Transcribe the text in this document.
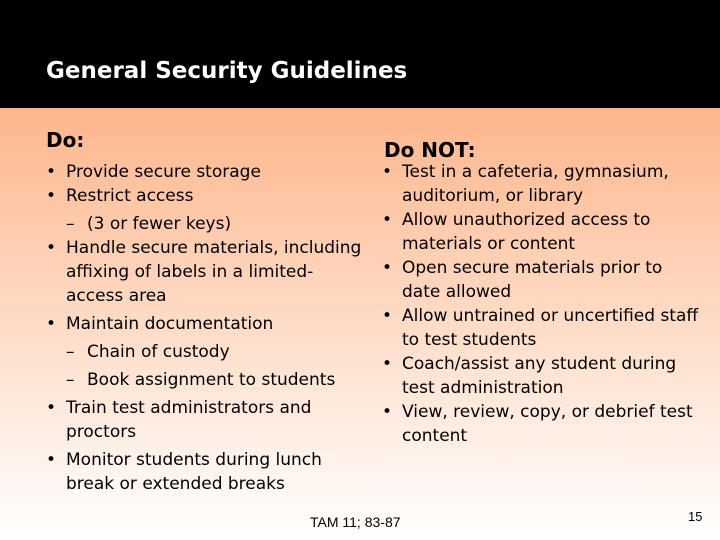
General Security Guidelines
Do:	Do NOT:
• Provide secure storage
• Restrict access
– (3 or fewer keys)
• Handle secure materials, including affixing of labels in a limited-access area
• Maintain documentation
– Chain of custody
– Book assignment to students
• Train test administrators and proctors
• Monitor students during lunch break or extended breaks
• Test in a cafeteria, gymnasium, auditorium, or library
• Allow unauthorized access to materials or content
• Open secure materials prior to date allowed
• Allow untrained or uncertified staff to test students
• Coach/assist any student during test administration
• View, review, copy, or debrief test content
TAM 11; 83-87	15
